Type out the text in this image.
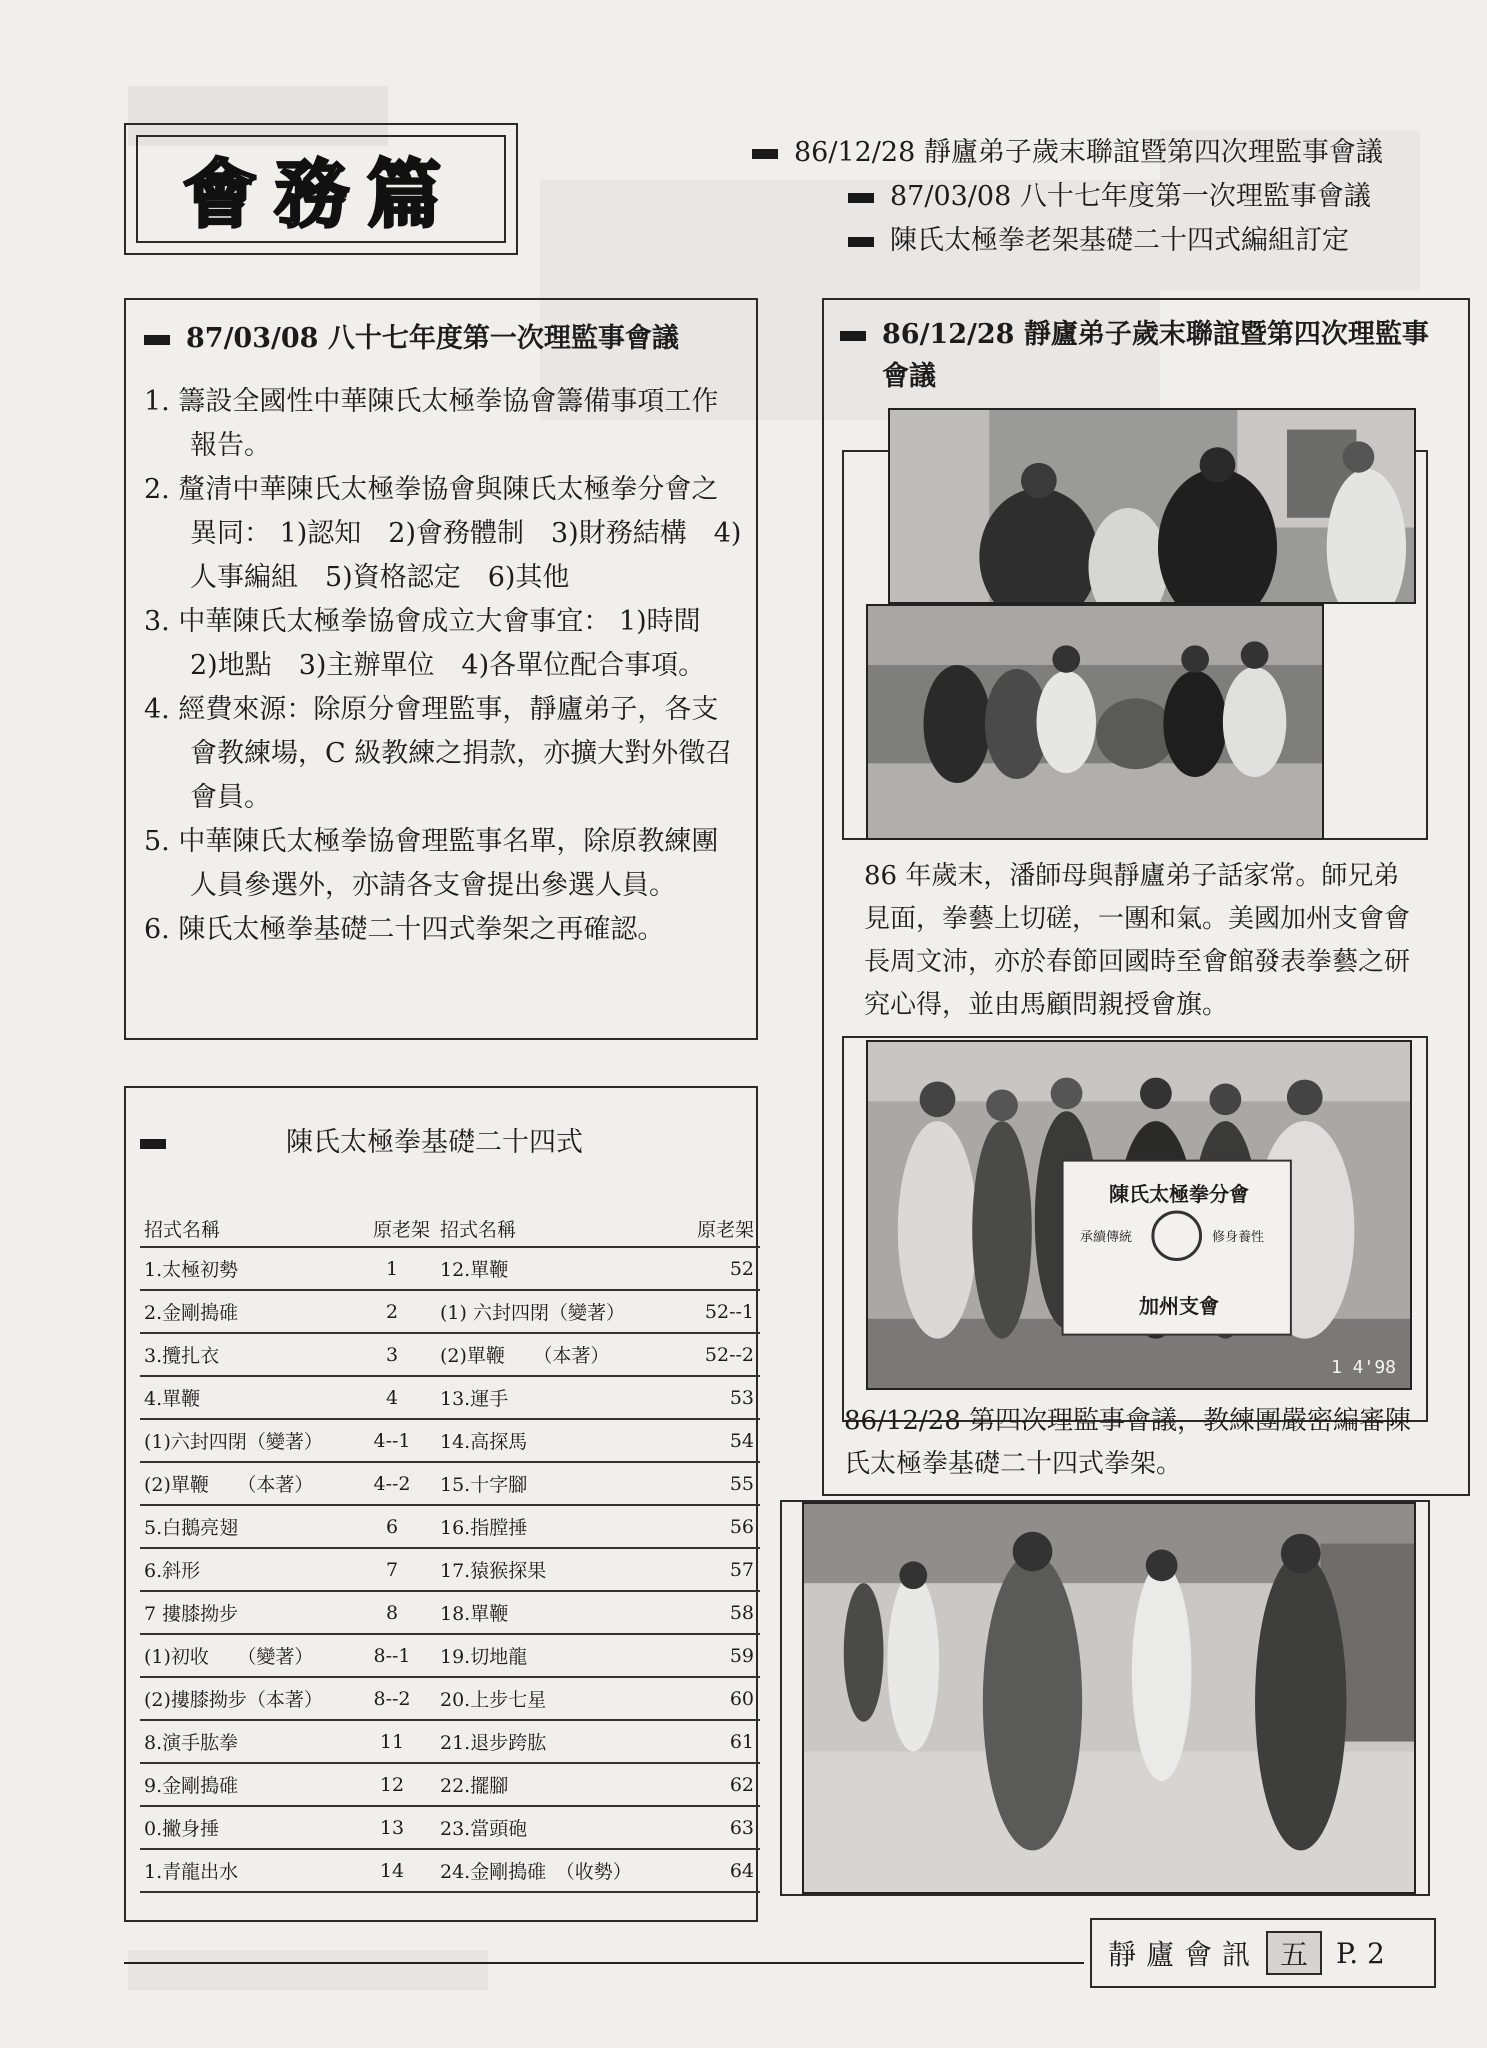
會務篇	86/12/28 靜廬弟子歲末聯誼暨第四次理監事會議
87/03/08 八十七年度第一次理監事會議
陳氏太極拳老架基礎二十四式編組訂定
87/03/08 八十七年度第一次理監事會議
1. 籌設全國性中華陳氏太極拳協會籌備事項工作報告。
2. 釐清中華陳氏太極拳協會與陳氏太極拳分會之異同： 1)認知　2)會務體制　3)財務結構　4)人事編組　5)資格認定　6)其他
3. 中華陳氏太極拳協會成立大會事宜： 1)時間　2)地點　3)主辦單位　4)各單位配合事項。
4. 經費來源：除原分會理監事，靜廬弟子，各支會教練場，C 級教練之捐款，亦擴大對外徵召會員。
5. 中華陳氏太極拳協會理監事名單，除原教練團人員參選外，亦請各支會提出參選人員。
6. 陳氏太極拳基礎二十四式拳架之再確認。
陳氏太極拳基礎二十四式
招式名稱	原老架	招式名稱	原老架
1.太極初勢	1	12.單鞭	52
2.金剛搗碓	2	(1) 六封四閉（變著）	52--1
3.攬扎衣	3	(2)單鞭　　（本著）	52--2
4.單鞭	4	13.運手	53
(1)六封四閉（變著）	4--1	14.高探馬	54
(2)單鞭　　（本著）	4--2	15.十字腳	55
5.白鵝亮翅	6	16.指膛捶	56
6.斜形	7	17.猿猴探果	57
7 摟膝拗步	8	18.單鞭	58
(1)初收　　（變著）	8--1	19.切地龍	59
(2)摟膝拗步（本著）	8--2	20.上步七星	60
8.演手肱拳	11	21.退步跨肱	61
9.金剛搗碓	12	22.擺腳	62
0.撇身捶	13	23.當頭砲	63
1.青龍出水	14	24.金剛搗碓　（收勢）	64
86/12/28 靜廬弟子歲末聯誼暨第四次理監事會議
86 年歲末，潘師母與靜廬弟子話家常。師兄弟見面，拳藝上切磋，一團和氣。美國加州支會會長周文沛，亦於春節回國時至會館發表拳藝之研究心得，並由馬顧問親授會旗。
陳氏太極拳分會
承續傳統	修身養性
加州支會
1 4'98
86/12/28 第四次理監事會議，教練團嚴密編審陳氏太極拳基礎二十四式拳架。
靜廬會訊 五	P. 2
